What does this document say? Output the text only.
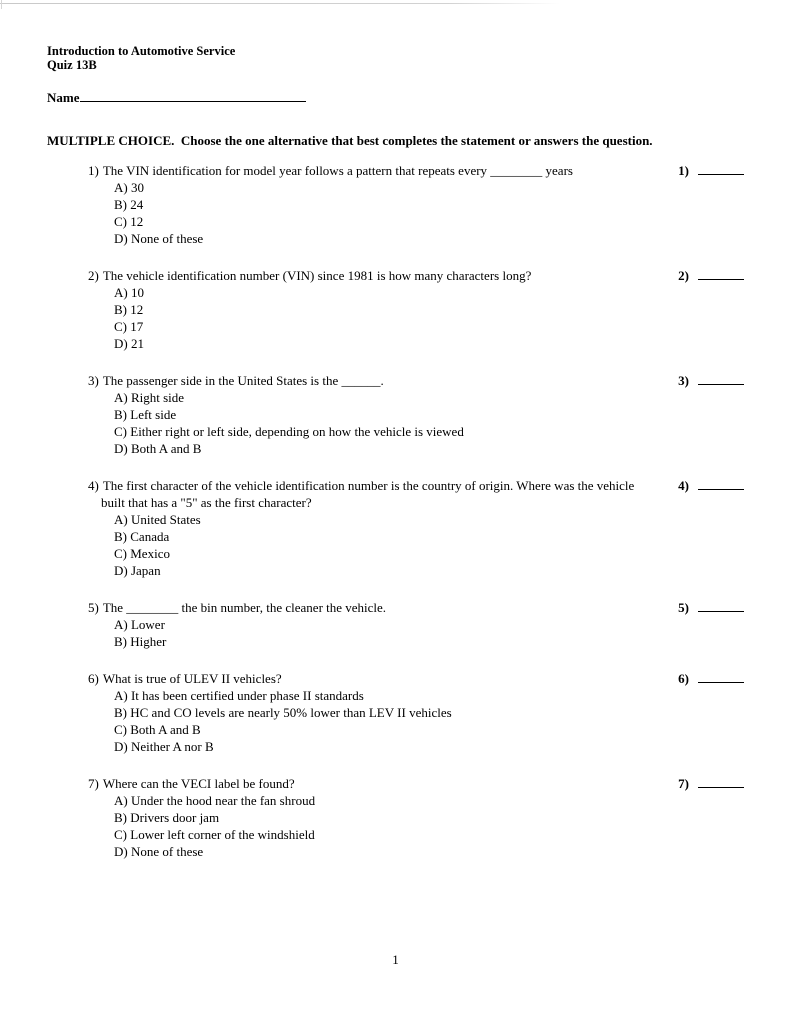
Introduction to Automotive Service
Quiz 13B
Name
MULTIPLE CHOICE.  Choose the one alternative that best completes the statement or answers the question.
1) The VIN identification for model year follows a pattern that repeats every ________ years	1)
A) 30
B) 24
C) 12
D) None of these
2) The vehicle identification number (VIN) since 1981 is how many characters long?	2)
A) 10
B) 12
C) 17
D) 21
3) The passenger side in the United States is the ______.	3)
A) Right side
B) Left side
C) Either right or left side, depending on how the vehicle is viewed
D) Both A and B
4) The first character of the vehicle identification number is the country of origin. Where was the vehicle built that has a "5" as the first character?
4)
A) United States
B) Canada
C) Mexico
D) Japan
5) The ________ the bin number, the cleaner the vehicle.	5)
A) Lower
B) Higher
6) What is true of ULEV II vehicles?	6)
A) It has been certified under phase II standards
B) HC and CO levels are nearly 50% lower than LEV II vehicles
C) Both A and B
D) Neither A nor B
7) Where can the VECI label be found?	7)
A) Under the hood near the fan shroud
B) Drivers door jam
C) Lower left corner of the windshield
D) None of these
1
